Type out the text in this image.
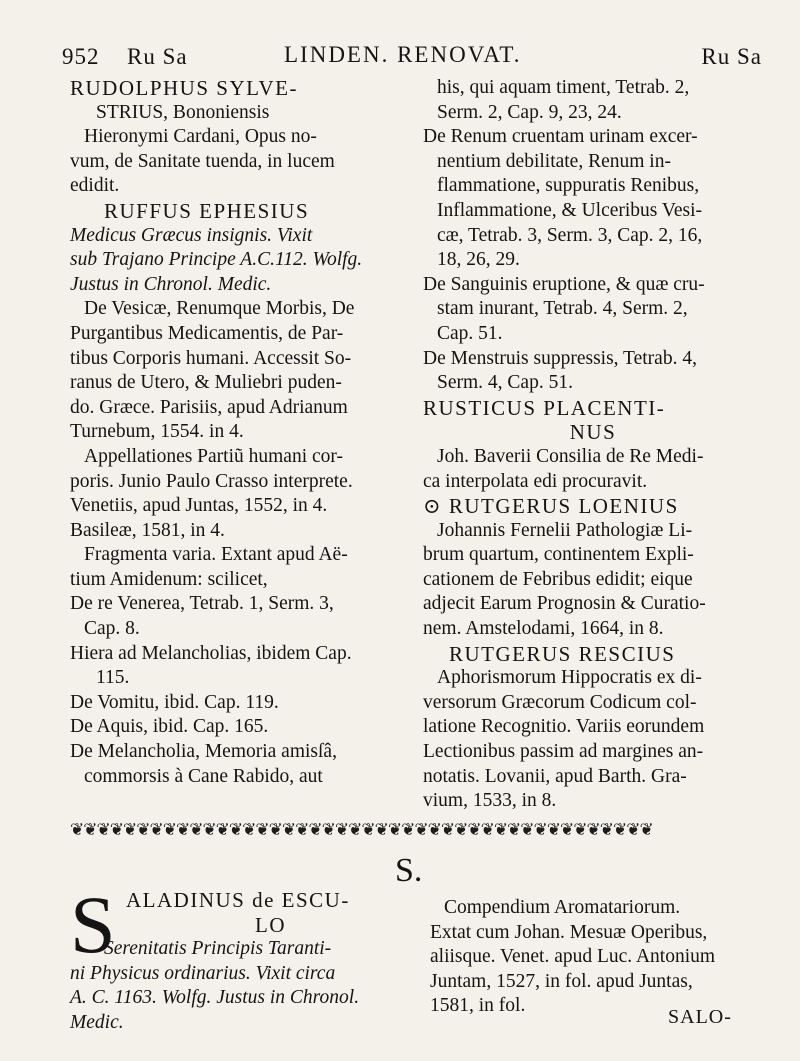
952 Ru Sa	LINDEN. RENOVAT.	Ru Sa
RUDOLPHUS SYLVE-
STRIUS, Bononiensis
Hieronymi Cardani, Opus no-
vum, de Sanitate tuenda, in lucem
edidit.
RUFFUS EPHESIUS
Medicus Græcus insignis. Vixit
sub Trajano Principe A.C.112. Wolfg.
Justus in Chronol. Medic.
De Vesicæ, Renumque Morbis, De
Purgantibus Medicamentis, de Par-
tibus Corporis humani. Accessit So-
ranus de Utero, & Muliebri puden-
do. Græce. Parisiis, apud Adrianum
Turnebum, 1554. in 4.
Appellationes Partiũ humani cor-
poris. Junio Paulo Crasso interprete.
Venetiis, apud Juntas, 1552, in 4.
Basileæ, 1581, in 4.
Fragmenta varia. Extant apud Aë-
tium Amidenum: scilicet,
De re Venerea, Tetrab. 1, Serm. 3,
Cap. 8.
Hiera ad Melancholias, ibidem Cap.
115.
De Vomitu, ibid. Cap. 119.
De Aquis, ibid. Cap. 165.
De Melancholia, Memoria amisſâ,
commorsis à Cane Rabido, aut
his, qui aquam timent, Tetrab. 2,
Serm. 2, Cap. 9, 23, 24.
De Renum cruentam urinam excer-
nentium debilitate, Renum in-
flammatione, suppuratis Renibus,
Inflammatione, & Ulceribus Vesi-
cæ, Tetrab. 3, Serm. 3, Cap. 2, 16,
18, 26, 29.
De Sanguinis eruptione, & quæ cru-
stam inurant, Tetrab. 4, Serm. 2,
Cap. 51.
De Menstruis suppressis, Tetrab. 4,
Serm. 4, Cap. 51.
RUSTICUS PLACENTI-
NUS
Joh. Baverii Consilia de Re Medi-
ca interpolata edi procuravit.
⊙ RUTGERUS LOENIUS
Johannis Fernelii Pathologiæ Li-
brum quartum, continentem Expli-
cationem de Febribus edidit; eique
adjecit Earum Prognosin & Curatio-
nem. Amstelodami, 1664, in 8.
RUTGERUS RESCIUS
Aphorismorum Hippocratis ex di-
versorum Græcorum Codicum col-
latione Recognitio. Variis eorundem
Lectionibus passim ad margines an-
notatis. Lovanii, apud Barth. Gra-
vium, 1533, in 8.
❦❦❦❦❦❦❦❦❦❦❦❦❦❦❦❦❦❦❦❦❦❦❦❦❦❦❦❦❦❦❦❦❦❦❦❦❦❦❦❦❦❦❦❦
S.
S ALADINUS de ESCU-
LO
Serenitatis Principis Taranti-
ni Physicus ordinarius. Vixit circa
A. C. 1163. Wolfg. Justus in Chronol.
Medic.
Compendium Aromatariorum.
Extat cum Johan. Mesuæ Operibus,
aliisque. Venet. apud Luc. Antonium
Juntam, 1527, in fol. apud Juntas,
1581, in fol.
SALO-
